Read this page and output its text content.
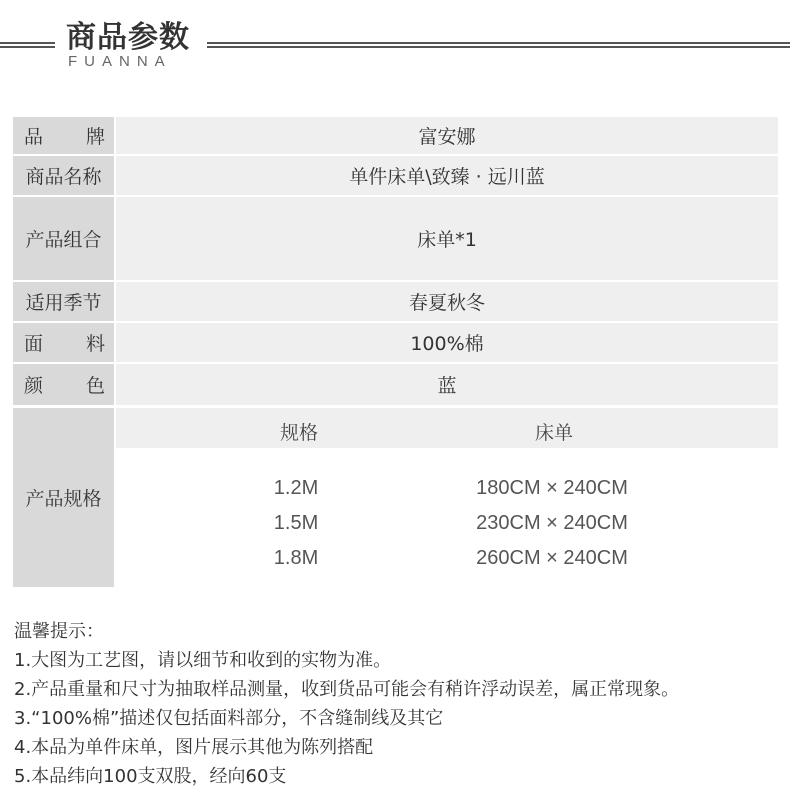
商品参数
FUANNA
品 牌	富安娜
商品名称	单件床单\致臻 · 远川蓝
产品组合	床单*1
适用季节	春夏秋冬
面 料	100%棉
颜 色	蓝
产品规格
规格	床单
1.2M	180CM × 240CM
1.5M	230CM × 240CM
1.8M	260CM × 240CM
温馨提示：
1.大图为工艺图，请以细节和收到的实物为准。
2.产品重量和尺寸为抽取样品测量，收到货品可能会有稍许浮动误差，属正常现象。
3.“100%棉”描述仅包括面料部分，不含缝制线及其它
4.本品为单件床单，图片展示其他为陈列搭配
5.本品纬向100支双股，经向60支
